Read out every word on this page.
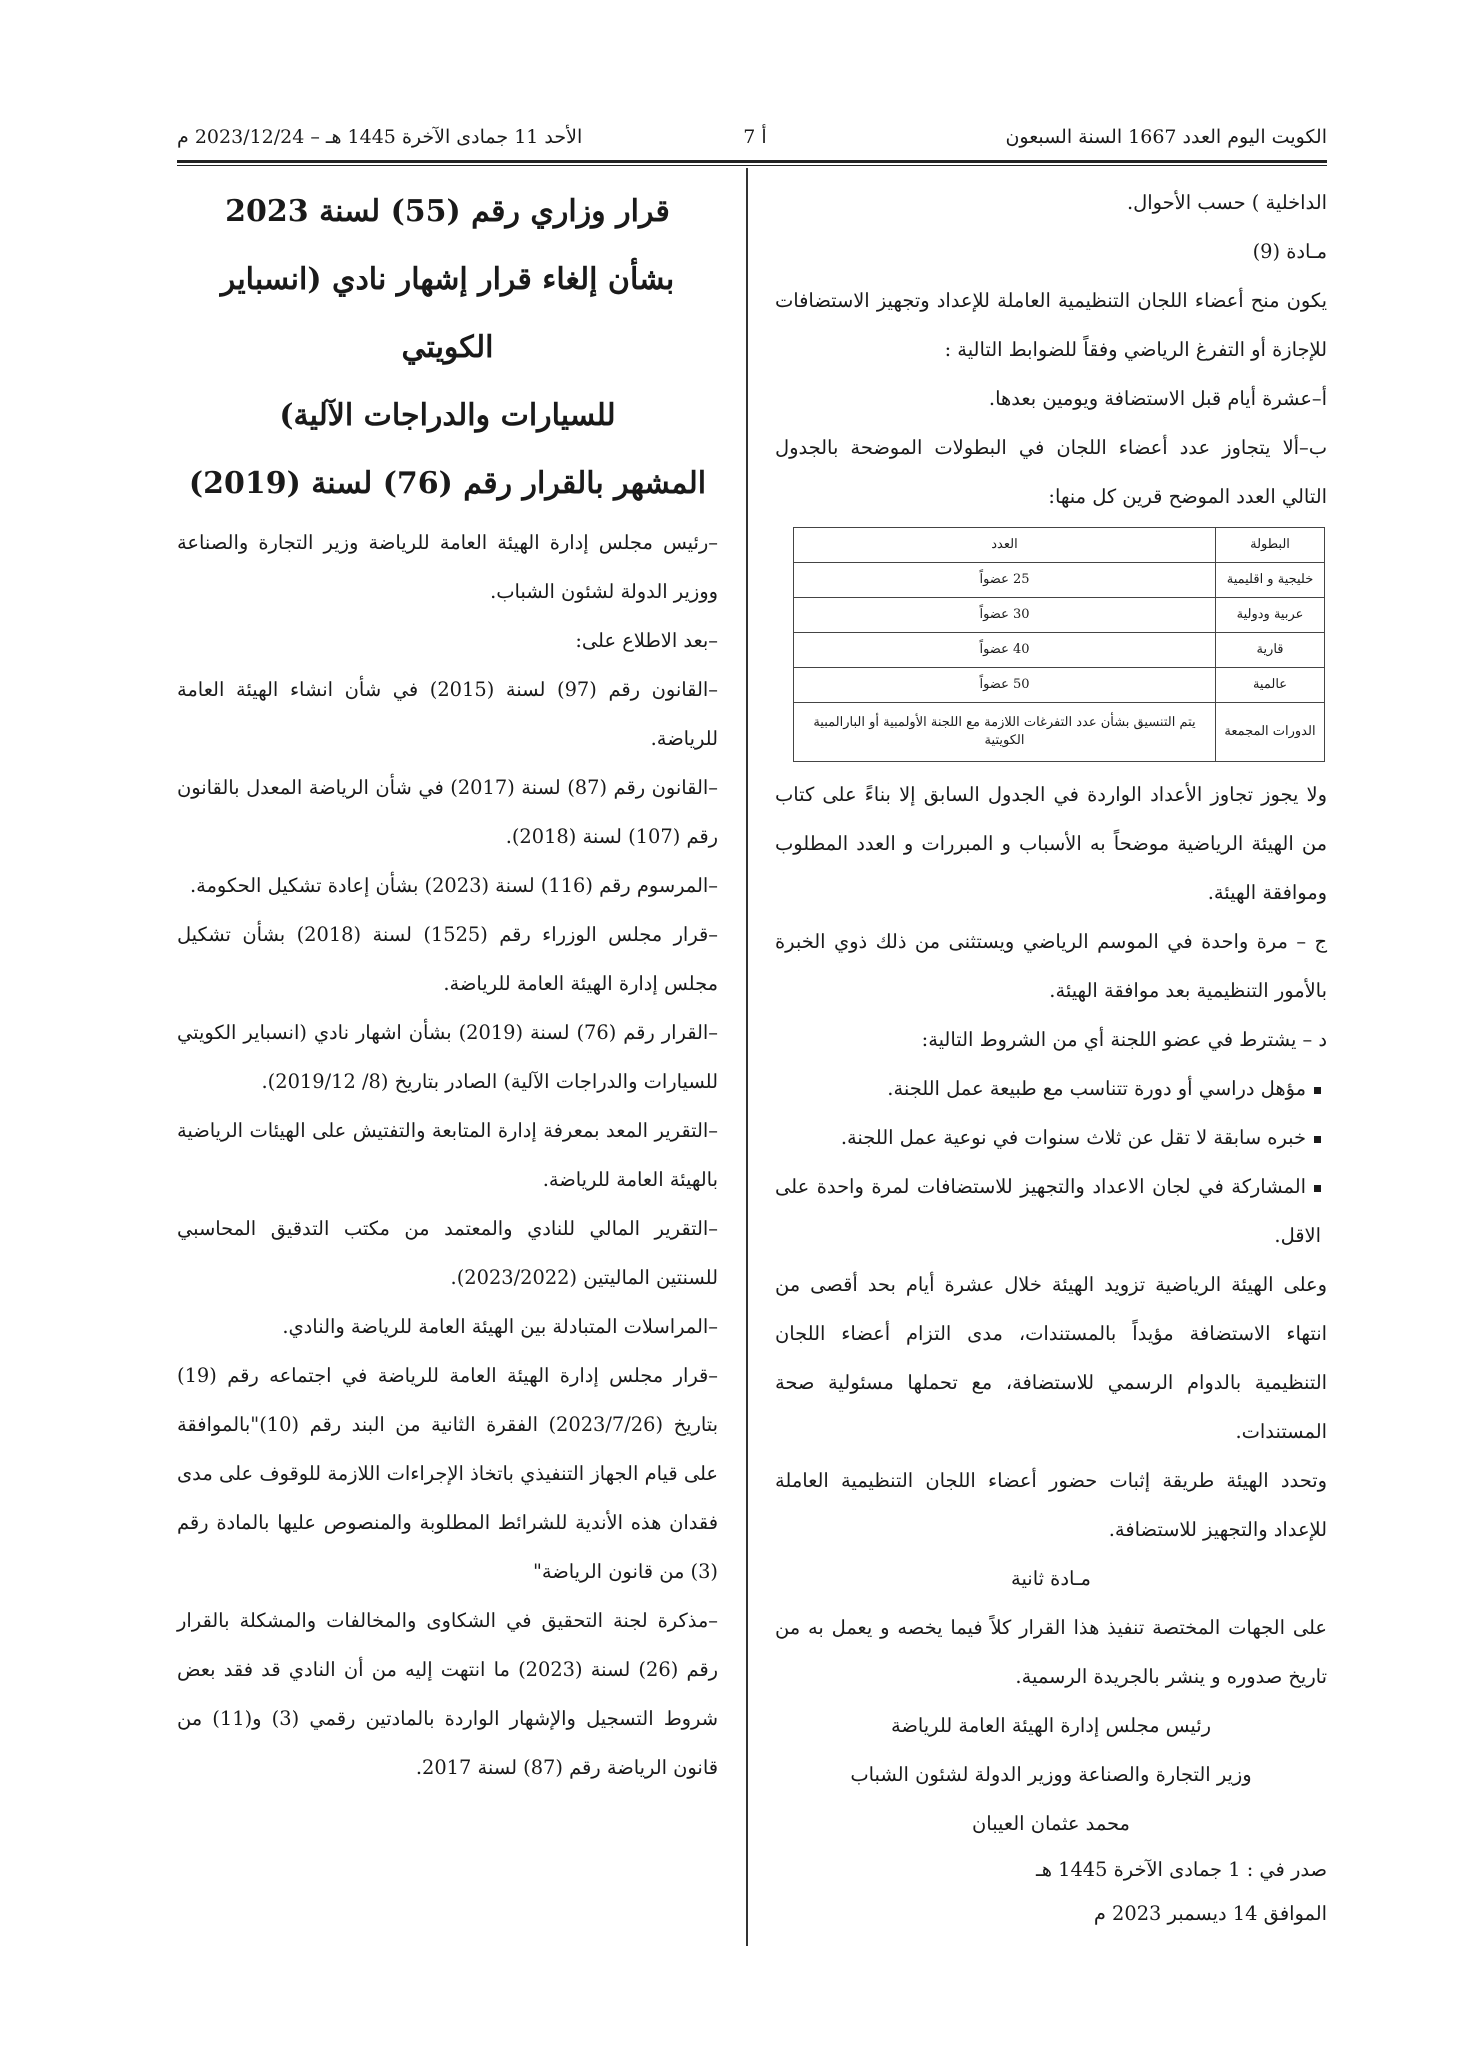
الكويت اليوم العدد 1667 السنة السبعون
أ 7
الأحد 11 جمادى الآخرة 1445 هـ – 2023/12/24 م

الداخلية ) حسب الأحوال.

مـادة (9)

يكون منح أعضاء اللجان التنظيمية العاملة للإعداد وتجهيز الاستضافات للإجازة أو التفرغ الرياضي وفقاً للضوابط التالية :

أ–عشرة أيام قبل الاستضافة ويومين بعدها.

ب–ألا يتجاوز عدد أعضاء اللجان في البطولات الموضحة بالجدول التالي العدد الموضح قرين كل منها:

البطولة	العدد
خليجية و اقليمية	25 عضواً
عربية ودولية	30 عضواً
قارية	40 عضواً
عالمية	50 عضواً
الدورات المجمعة	يتم التنسيق بشأن عدد التفرغات اللازمة مع اللجنة الأولمبية أو البارالمبية الكويتية

ولا يجوز تجاوز الأعداد الواردة في الجدول السابق إلا بناءً على كتاب من الهيئة الرياضية موضحاً به الأسباب و المبررات و العدد المطلوب وموافقة الهيئة.

ج – مرة واحدة في الموسم الرياضي ويستثنى من ذلك ذوي الخبرة بالأمور التنظيمية بعد موافقة الهيئة.

د – يشترط في عضو اللجنة أي من الشروط التالية:

مؤهل دراسي أو دورة تتناسب مع طبيعة عمل اللجنة.

خبره سابقة لا تقل عن ثلاث سنوات في نوعية عمل اللجنة.

المشاركة في لجان الاعداد والتجهيز للاستضافات لمرة واحدة على الاقل.

وعلى الهيئة الرياضية تزويد الهيئة خلال عشرة أيام بحد أقصى من انتهاء الاستضافة مؤيداً بالمستندات، مدى التزام أعضاء اللجان التنظيمية بالدوام الرسمي للاستضافة، مع تحملها مسئولية صحة المستندات.

وتحدد الهيئة طريقة إثبات حضور أعضاء اللجان التنظيمية العاملة للإعداد والتجهيز للاستضافة.

مـادة ثانية

على الجهات المختصة تنفيذ هذا القرار كلاً فيما يخصه و يعمل به من تاريخ صدوره و ينشر بالجريدة الرسمية.

رئيس مجلس إدارة الهيئة العامة للرياضة

وزير التجارة والصناعة ووزير الدولة لشئون الشباب

محمد عثمان العيبان

صدر في : 1 جمادى الآخرة 1445 هـ

الموافق 14 ديسمبر 2023 م

قرار وزاري رقم (55) لسنة 2023

بشأن إلغاء قرار إشهار نادي (انسباير الكويتي

للسيارات والدراجات الآلية)

المشهر بالقرار رقم (76) لسنة (2019)

–رئيس مجلس إدارة الهيئة العامة للرياضة وزير التجارة والصناعة ووزير الدولة لشئون الشباب.

–بعد الاطلاع على:

–القانون رقم (97) لسنة (2015) في شأن انشاء الهيئة العامة للرياضة.

–القانون رقم (87) لسنة (2017) في شأن الرياضة المعدل بالقانون رقم (107) لسنة (2018).

–المرسوم رقم (116) لسنة (2023) بشأن إعادة تشكيل الحكومة.

–قرار مجلس الوزراء رقم (1525) لسنة (2018) بشأن تشكيل مجلس إدارة الهيئة العامة للرياضة.

–القرار رقم (76) لسنة (2019) بشأن اشهار نادي (انسباير الكويتي للسيارات والدراجات الآلية) الصادر بتاريخ (8/ 2019/12).

–التقرير المعد بمعرفة إدارة المتابعة والتفتيش على الهيئات الرياضية بالهيئة العامة للرياضة.

–التقرير المالي للنادي والمعتمد من مكتب التدقيق المحاسبي للسنتين الماليتين (2023/2022).

–المراسلات المتبادلة بين الهيئة العامة للرياضة والنادي.

–قرار مجلس إدارة الهيئة العامة للرياضة في اجتماعه رقم (19) بتاريخ (2023/7/26) الفقرة الثانية من البند رقم (10)"بالموافقة على قيام الجهاز التنفيذي باتخاذ الإجراءات اللازمة للوقوف على مدى فقدان هذه الأندية للشرائط المطلوبة والمنصوص عليها بالمادة رقم (3) من قانون الرياضة"

–مذكرة لجنة التحقيق في الشكاوى والمخالفات والمشكلة بالقرار رقم (26) لسنة (2023) ما انتهت إليه من أن النادي قد فقد بعض شروط التسجيل والإشهار الواردة بالمادتين رقمي (3) و(11) من قانون الرياضة رقم (87) لسنة 2017.
